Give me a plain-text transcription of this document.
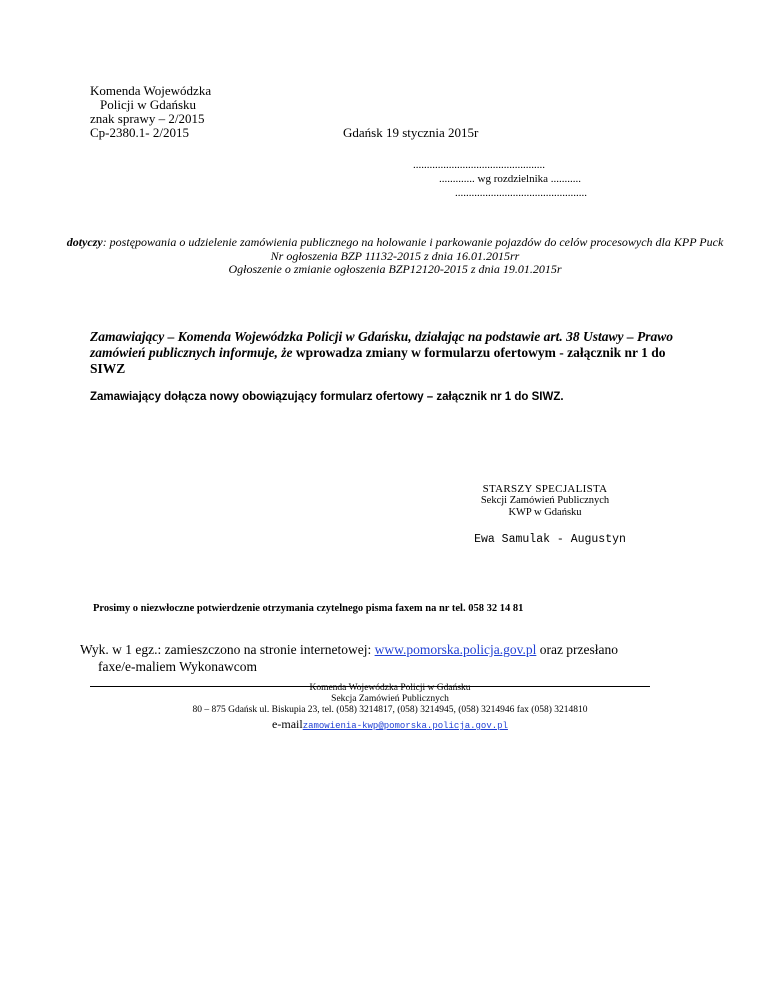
Komenda Wojewódzka
Policji w Gdańsku
znak sprawy – 2/2015
Cp-2380.1- 2/2015	Gdańsk 19 stycznia 2015r
................................................
............. wg rozdzielnika ...........
................................................
dotyczy: postępowania o udzielenie zamówienia publicznego na holowanie i parkowanie pojazdów do celów procesowych dla KPP Puck
Nr ogłoszenia BZP 11132-2015 z dnia 16.01.2015rr
Ogłoszenie o zmianie ogłoszenia BZP12120-2015 z dnia 19.01.2015r
Zamawiający – Komenda Wojewódzka Policji w Gdańsku, działając na podstawie art. 38 Ustawy – Prawo zamówień publicznych informuje, że wprowadza zmiany w formularzu ofertowym - załącznik nr 1 do SIWZ
Zamawiający dołącza nowy obowiązujący formularz ofertowy – załącznik nr 1 do SIWZ.
STARSZY SPECJALISTA
Sekcji Zamówień Publicznych
KWP w Gdańsku
Ewa Samulak - Augustyn
Prosimy o niezwłoczne potwierdzenie otrzymania czytelnego pisma faxem na nr tel. 058 32 14 81
Wyk. w 1 egz.: zamieszczono na stronie internetowej: www.pomorska.policja.gov.pl oraz przesłano
faxe/e-maliem Wykonawcom
Komenda Wojewódzka Policji w Gdańsku
Sekcja Zamówień Publicznych
80 – 875 Gdańsk ul. Biskupia 23, tel. (058) 3214817, (058) 3214945, (058) 3214946 fax (058) 3214810
e-mailzamowienia-kwp@pomorska.policja.gov.pl
